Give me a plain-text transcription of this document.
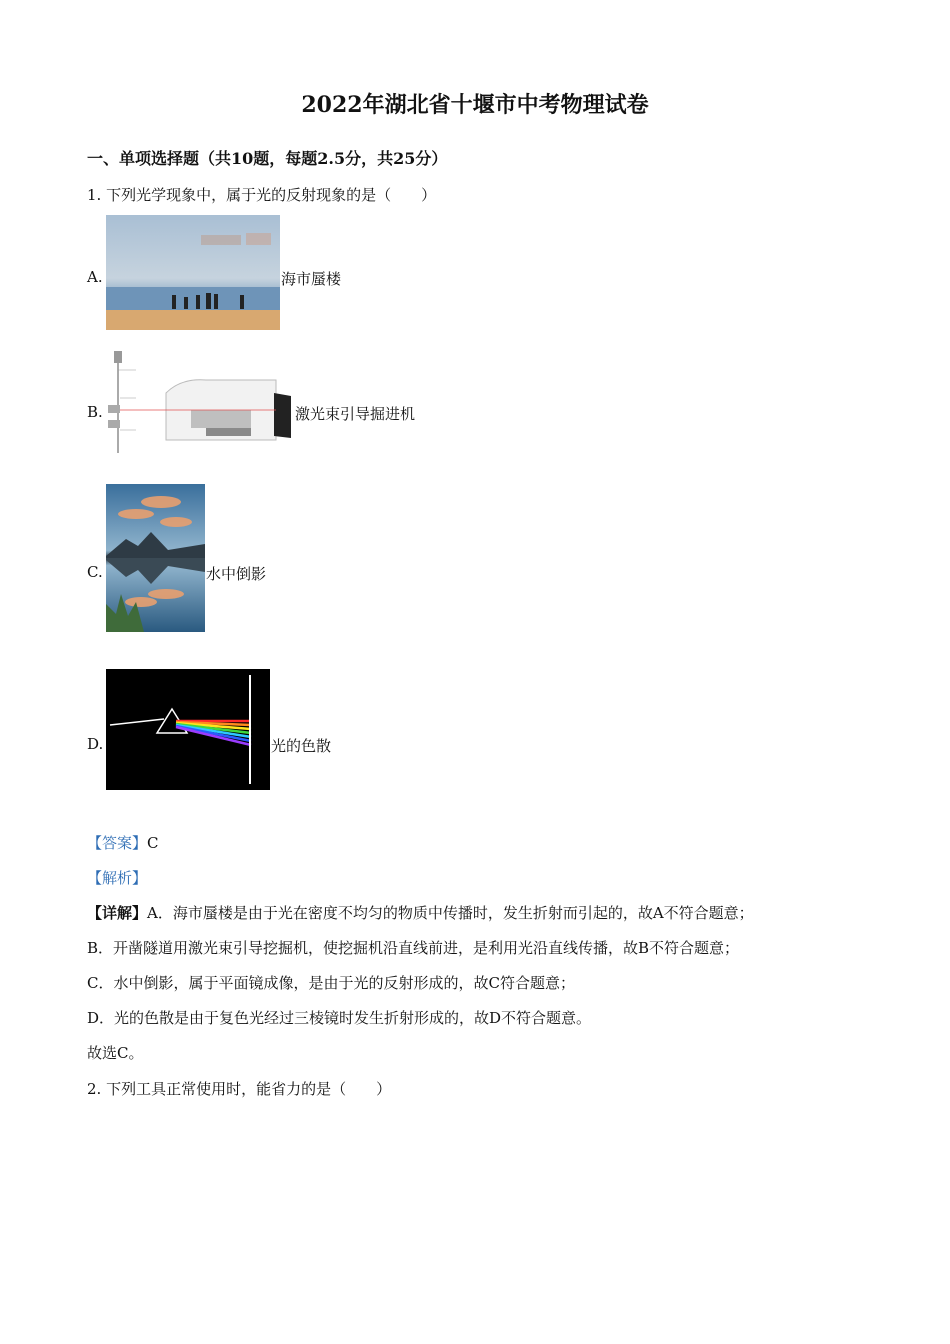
2022年湖北省十堰市中考物理试卷
一、单项选择题（共10题，每题2.5分，共25分）
1. 下列光学现象中，属于光的反射现象的是（　　）
A.	海市蜃楼
B.	激光束引导掘进机
C.	水中倒影
D.	光的色散
【答案】C
【解析】
【详解】A．海市蜃楼是由于光在密度不均匀的物质中传播时，发生折射而引起的，故A不符合题意；
B．开凿隧道用激光束引导挖掘机，使挖掘机沿直线前进，是利用光沿直线传播，故B不符合题意；
C．水中倒影，属于平面镜成像，是由于光的反射形成的，故C符合题意；
D．光的色散是由于复色光经过三棱镜时发生折射形成的，故D不符合题意。
故选C。
2. 下列工具正常使用时，能省力的是（　　）
